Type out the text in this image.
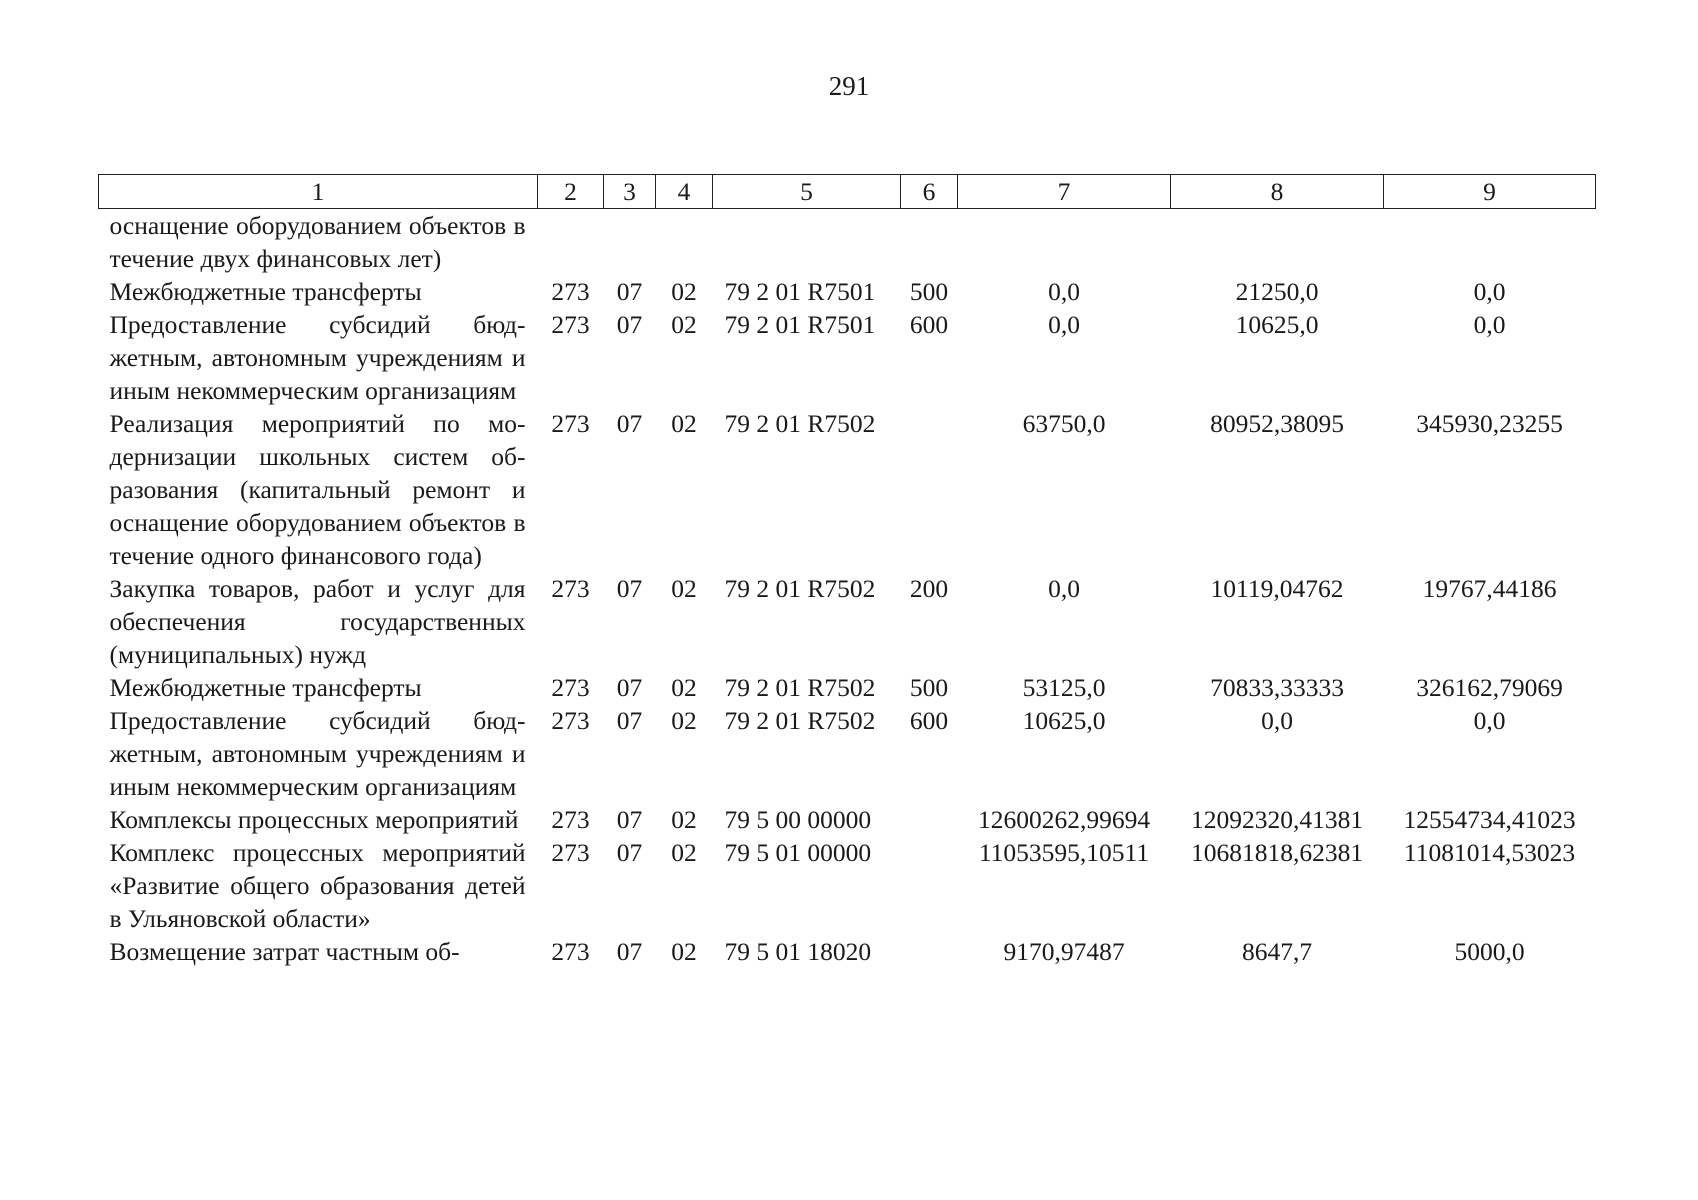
291
1	2	3	4	5	6	7	8	9
оснащение оборудованием объектов в течение двух финансовых лет)								
Межбюджетные трансферты	273	07	02	79 2 01 R7501	500	0,0	21250,0	0,0
Предоставление субсидий бюджетным, автономным учреждениям и иным некоммерческим организациям	273	07	02	79 2 01 R7501	600	0,0	10625,0	0,0
Реализация мероприятий по модернизации школьных систем образования (капитальный ремонт и оснащение оборудованием объектов в течение одного финансового года)	273	07	02	79 2 01 R7502		63750,0	80952,38095	345930,23255
Закупка товаров, работ и услуг для обеспечения государственных (муниципальных) нужд	273	07	02	79 2 01 R7502	200	0,0	10119,04762	19767,44186
Межбюджетные трансферты	273	07	02	79 2 01 R7502	500	53125,0	70833,33333	326162,79069
Предоставление субсидий бюджетным, автономным учреждениям и иным некоммерческим организациям	273	07	02	79 2 01 R7502	600	10625,0	0,0	0,0
Комплексы процессных мероприятий	273	07	02	79 5 00 00000		12600262,99694	12092320,41381	12554734,41023
Комплекс процессных мероприятий «Развитие общего образования детей в Ульяновской области»	273	07	02	79 5 01 00000		11053595,10511	10681818,62381	11081014,53023
Возмещение затрат частным об-	273	07	02	79 5 01 18020		9170,97487	8647,7	5000,0
